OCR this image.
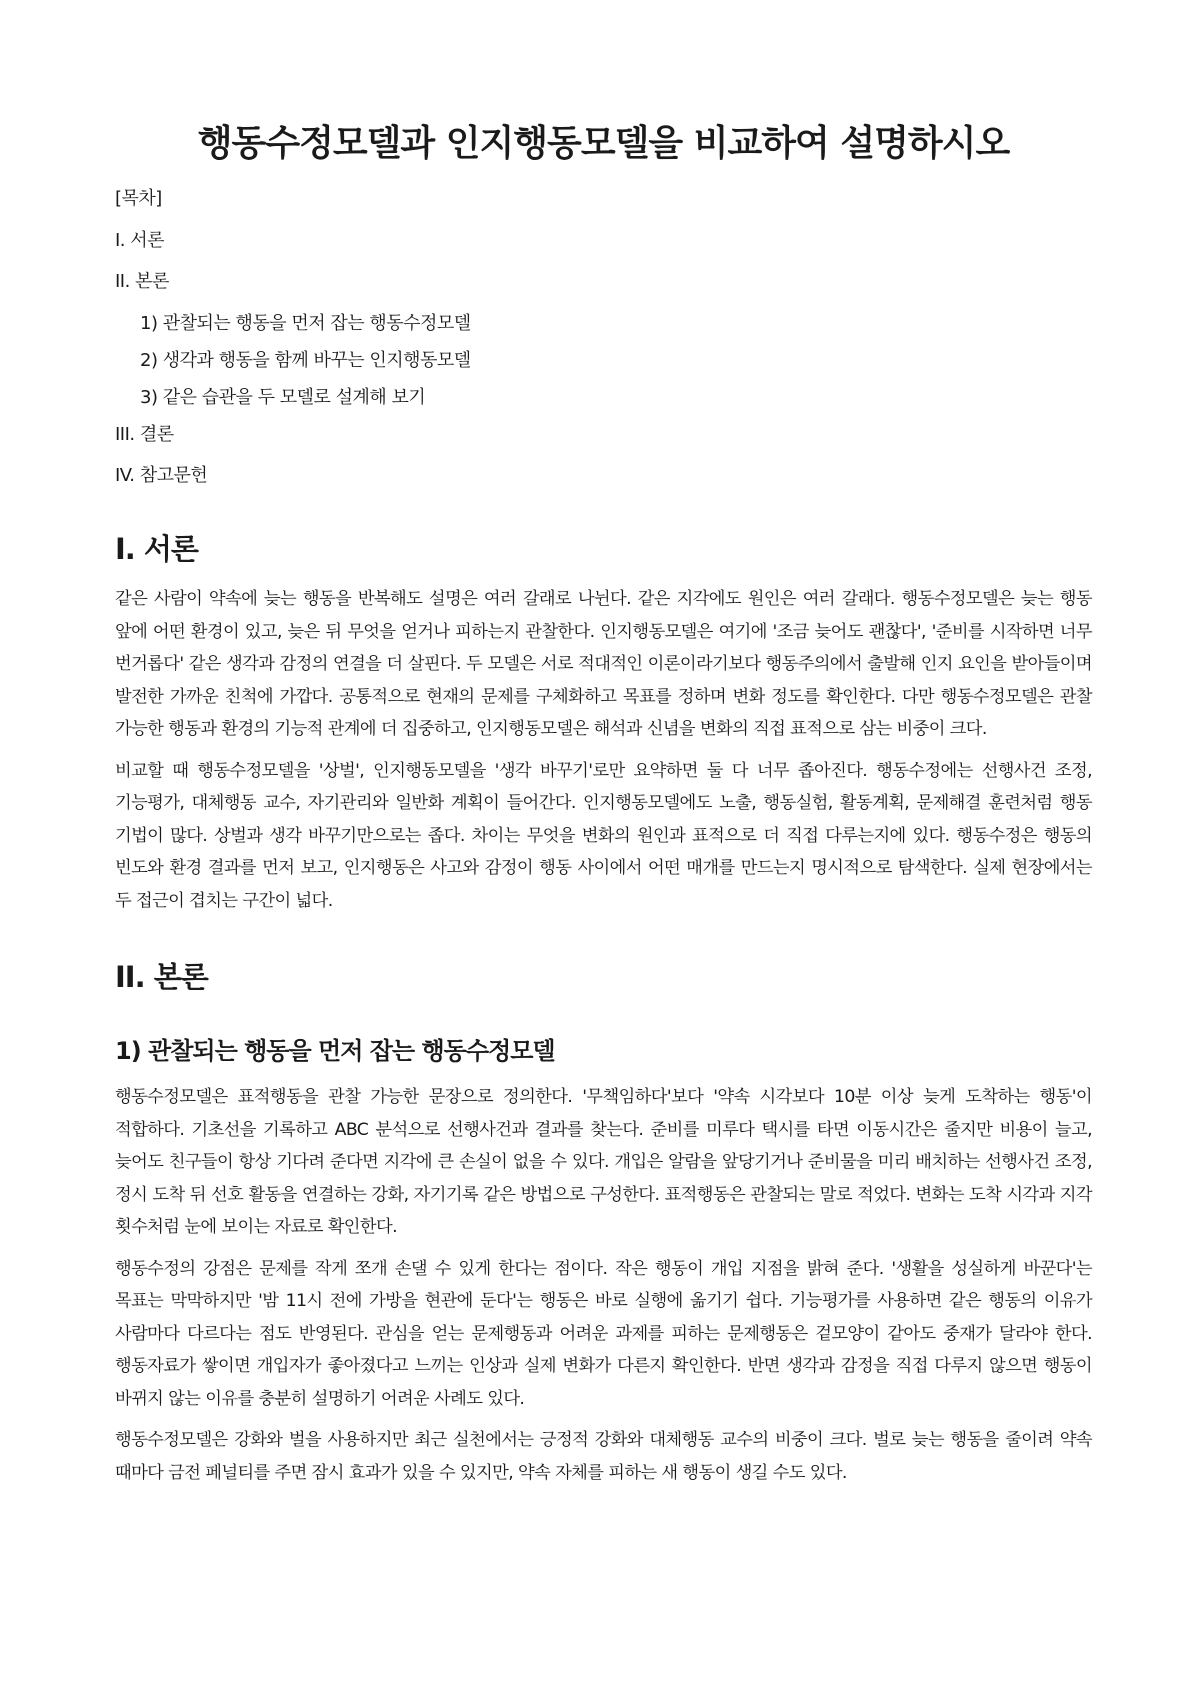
행동수정모델과 인지행동모델을 비교하여 설명하시오
[목차]
I. 서론
II. 본론
1) 관찰되는 행동을 먼저 잡는 행동수정모델
2) 생각과 행동을 함께 바꾸는 인지행동모델
3) 같은 습관을 두 모델로 설계해 보기
III. 결론
IV. 참고문헌
I. 서론

같은 사람이 약속에 늦는 행동을 반복해도 설명은 여러 갈래로 나뉜다. 같은 지각에도 원인은 여러 갈래다. 행동수정모델은 늦는 행동 앞에 어떤 환경이 있고, 늦은 뒤 무엇을 얻거나 피하는지 관찰한다. 인지행동모델은 여기에 '조금 늦어도 괜찮다', '준비를 시작하면 너무 번거롭다' 같은 생각과 감정의 연결을 더 살핀다. 두 모델은 서로 적대적인 이론이라기보다 행동주의에서 출발해 인지 요인을 받아들이며 발전한 가까운 친척에 가깝다. 공통적으로 현재의 문제를 구체화하고 목표를 정하며 변화 정도를 확인한다. 다만 행동수정모델은 관찰 가능한 행동과 환경의 기능적 관계에 더 집중하고, 인지행동모델은 해석과 신념을 변화의 직접 표적으로 삼는 비중이 크다.

비교할 때 행동수정모델을 '상벌', 인지행동모델을 '생각 바꾸기'로만 요약하면 둘 다 너무 좁아진다. 행동수정에는 선행사건 조정, 기능평가, 대체행동 교수, 자기관리와 일반화 계획이 들어간다. 인지행동모델에도 노출, 행동실험, 활동계획, 문제해결 훈련처럼 행동 기법이 많다. 상벌과 생각 바꾸기만으로는 좁다. 차이는 무엇을 변화의 원인과 표적으로 더 직접 다루는지에 있다. 행동수정은 행동의 빈도와 환경 결과를 먼저 보고, 인지행동은 사고와 감정이 행동 사이에서 어떤 매개를 만드는지 명시적으로 탐색한다. 실제 현장에서는 두 접근이 겹치는 구간이 넓다.

II. 본론
1) 관찰되는 행동을 먼저 잡는 행동수정모델

행동수정모델은 표적행동을 관찰 가능한 문장으로 정의한다. '무책임하다'보다 '약속 시각보다 10분 이상 늦게 도착하는 행동'이 적합하다. 기초선을 기록하고 ABC 분석으로 선행사건과 결과를 찾는다. 준비를 미루다 택시를 타면 이동시간은 줄지만 비용이 늘고, 늦어도 친구들이 항상 기다려 준다면 지각에 큰 손실이 없을 수 있다. 개입은 알람을 앞당기거나 준비물을 미리 배치하는 선행사건 조정, 정시 도착 뒤 선호 활동을 연결하는 강화, 자기기록 같은 방법으로 구성한다. 표적행동은 관찰되는 말로 적었다. 변화는 도착 시각과 지각 횟수처럼 눈에 보이는 자료로 확인한다.

행동수정의 강점은 문제를 작게 쪼개 손댈 수 있게 한다는 점이다. 작은 행동이 개입 지점을 밝혀 준다. '생활을 성실하게 바꾼다'는 목표는 막막하지만 '밤 11시 전에 가방을 현관에 둔다'는 행동은 바로 실행에 옮기기 쉽다. 기능평가를 사용하면 같은 행동의 이유가 사람마다 다르다는 점도 반영된다. 관심을 얻는 문제행동과 어려운 과제를 피하는 문제행동은 겉모양이 같아도 중재가 달라야 한다. 행동자료가 쌓이면 개입자가 좋아졌다고 느끼는 인상과 실제 변화가 다른지 확인한다. 반면 생각과 감정을 직접 다루지 않으면 행동이 바뀌지 않는 이유를 충분히 설명하기 어려운 사례도 있다.

행동수정모델은 강화와 벌을 사용하지만 최근 실천에서는 긍정적 강화와 대체행동 교수의 비중이 크다. 벌로 늦는 행동을 줄이려 약속 때마다 금전 페널티를 주면 잠시 효과가 있을 수 있지만, 약속 자체를 피하는 새 행동이 생길 수도 있다.
